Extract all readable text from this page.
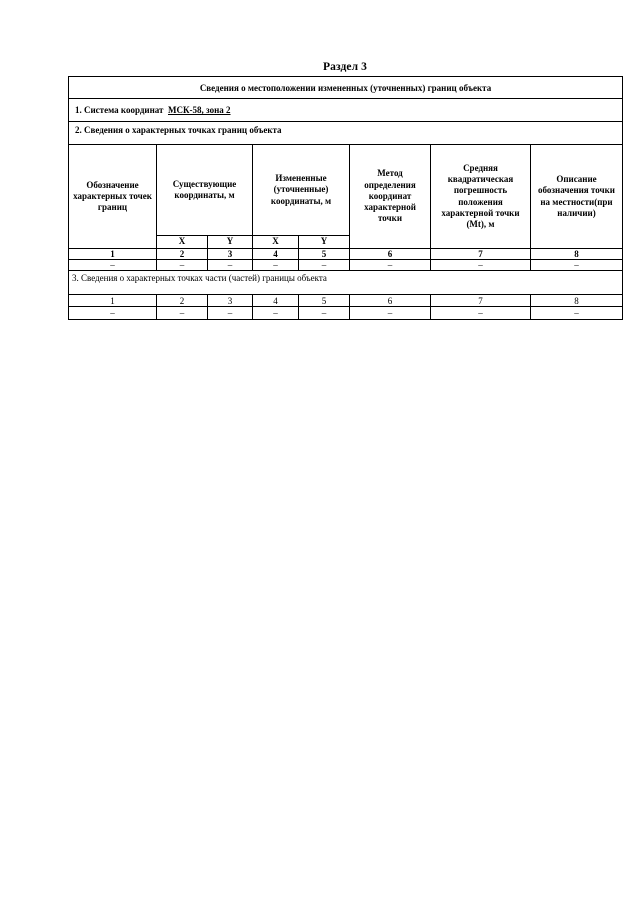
Раздел 3
Сведения о местоположении измененных (уточненных) границ объекта							
1. Система координат МСК-58, зона 2							
2. Сведения о характерных точках границ объекта							
Обозначение характерных точек границ	Существующие координаты, м		Измененные (уточненные) координаты, м		Метод определения координат характерной точки	Средняя квадратическая погрешность положения характерной точки (Mt), м	Описание обозначения точки на местности(при наличии)
	X	Y	X	Y			
1	2	3	4	5	6	7	8
–	–	–	–	–	–	–	–
3. Сведения о характерных точках части (частей) границы объекта							
1	2	3	4	5	6	7	8
–	–	–	–	–	–	–	–
